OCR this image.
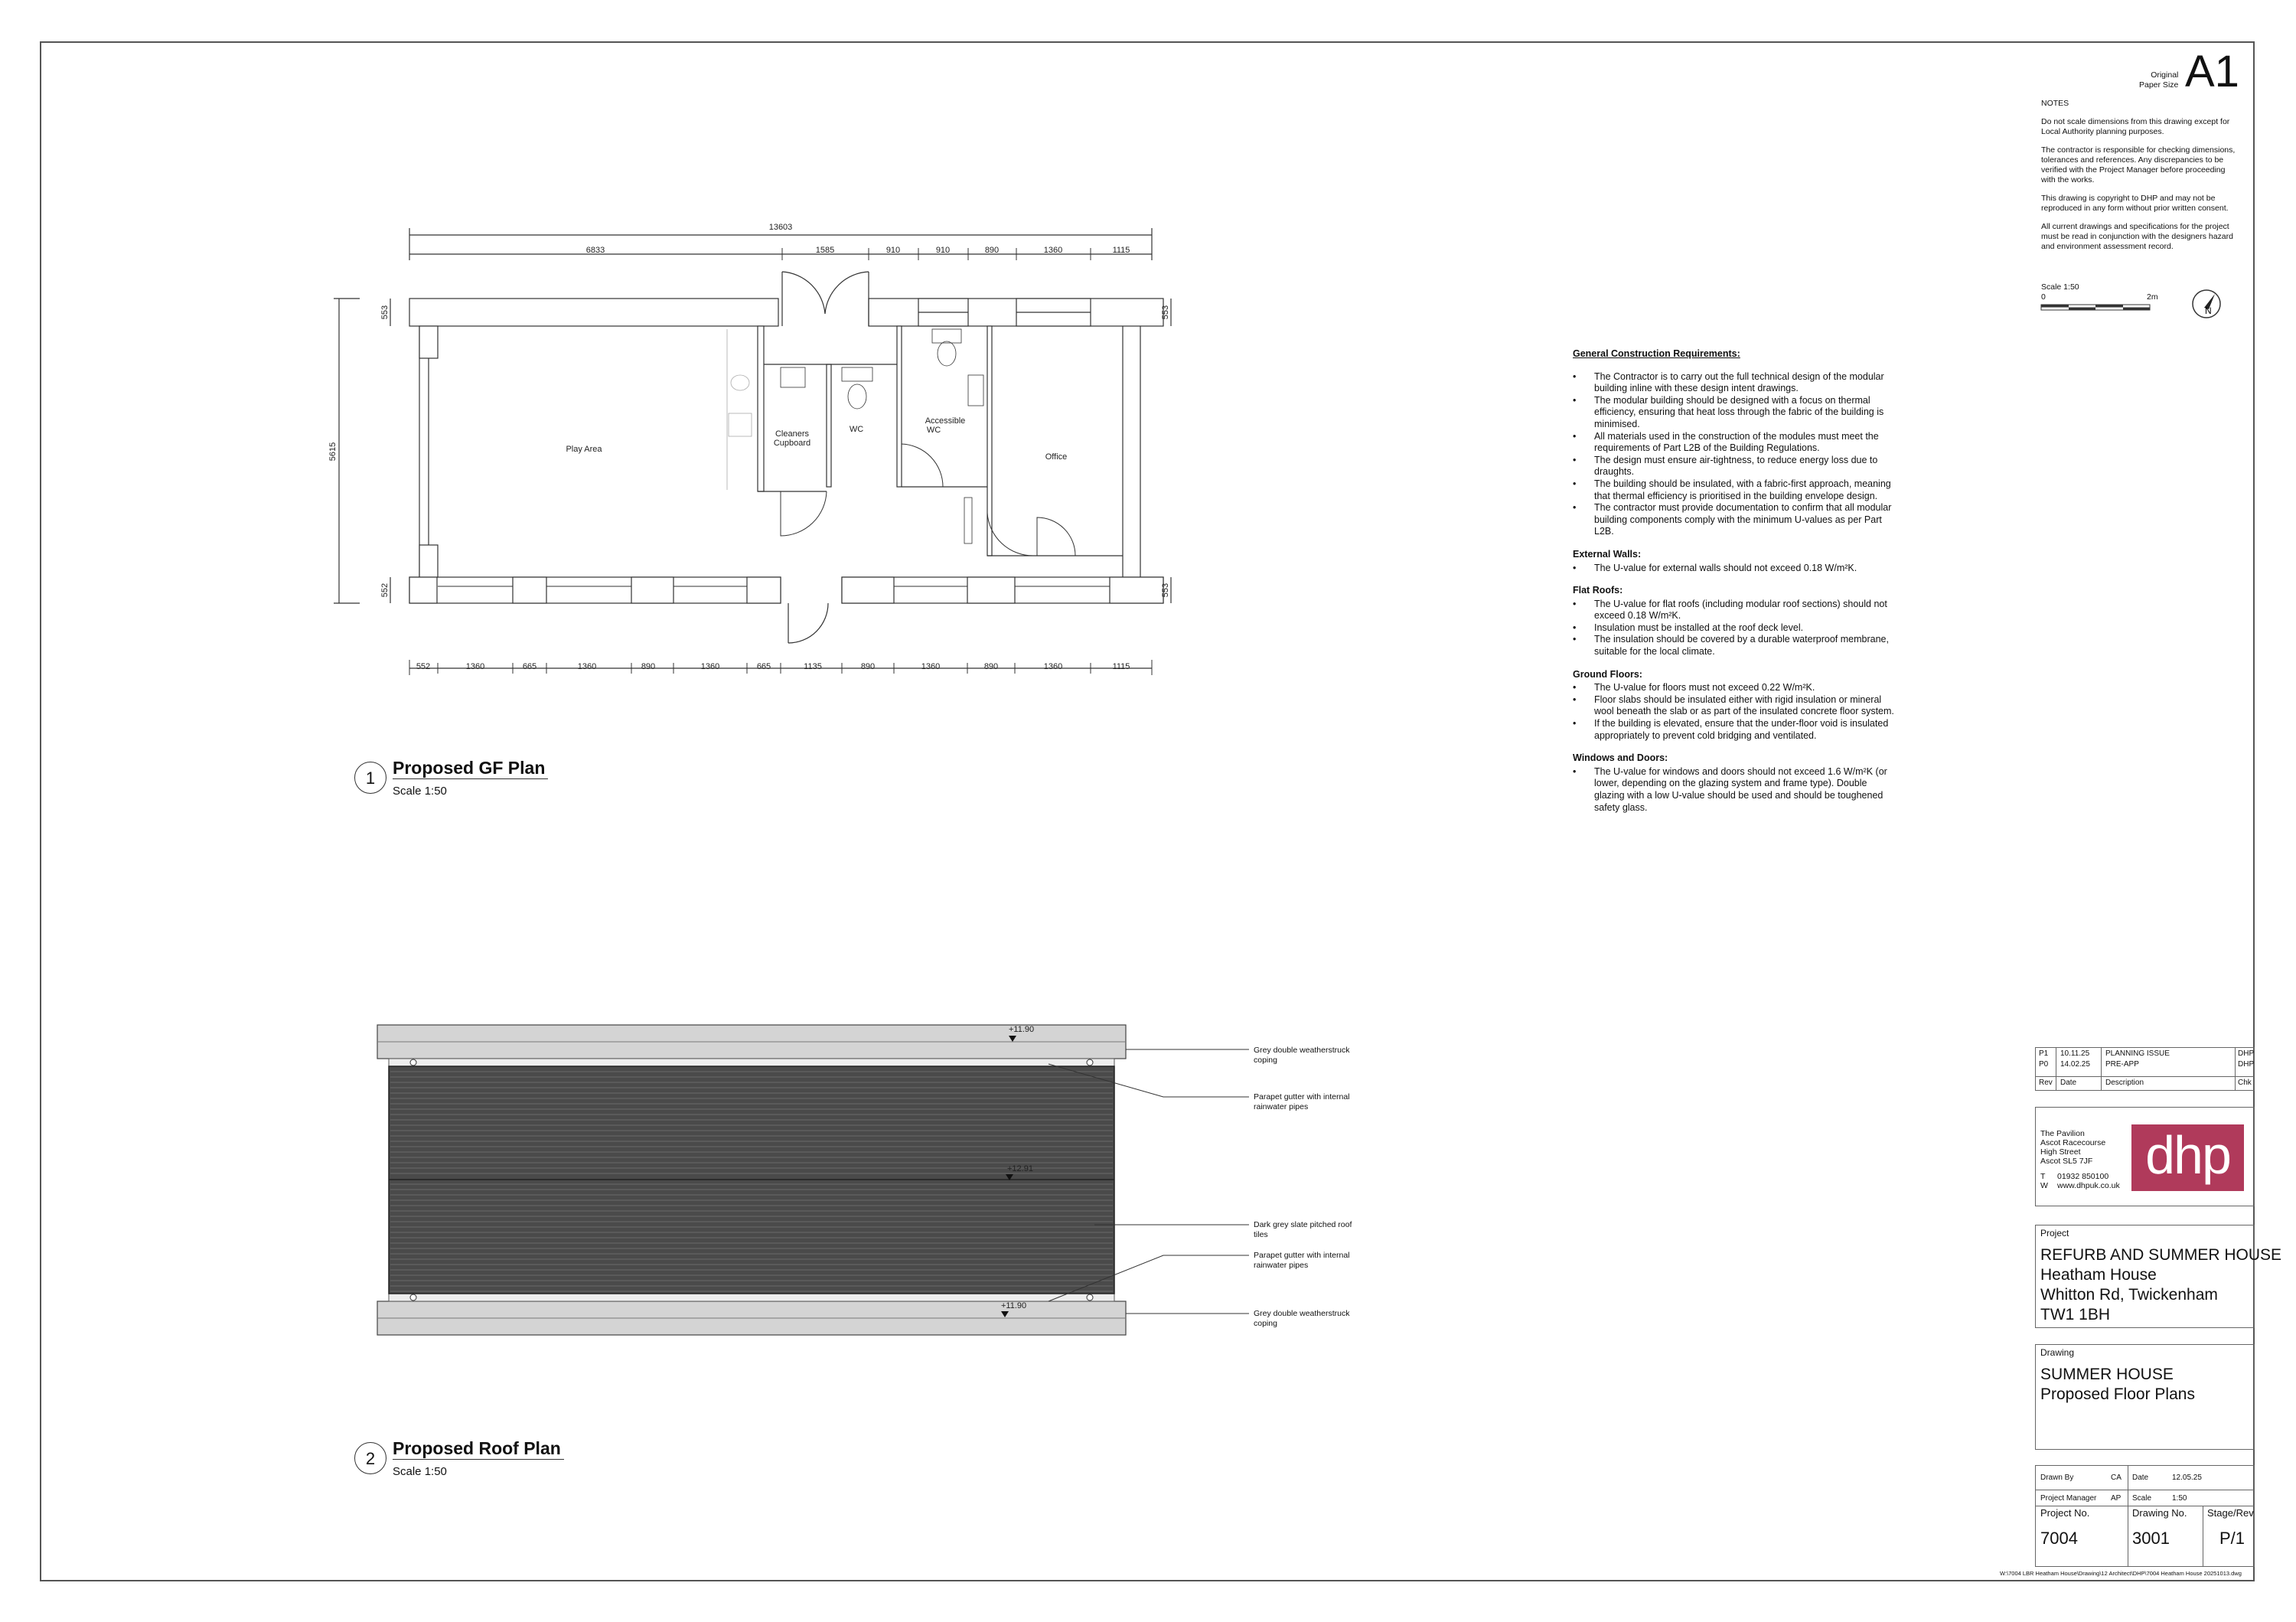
13603
6833	1585	910	910	890	1360	1115
552	1360	665	1360	890	1360	665	1135	890	1360	890	1360	1115
5615
553
552
553
553
Play Area
Cleaners
Cupboard
WC
Accessible
WC
Office
+11.90
+12.91
+11.90
Grey double weatherstruck coping
Parapet gutter with internal rainwater pipes
Dark grey slate pitched roof tiles
Parapet gutter with internal rainwater pipes
Grey double weatherstruck coping
1
Proposed GF Plan
Scale 1:50
2
Proposed Roof Plan
Scale 1:50
General Construction Requirements:
• The Contractor is to carry out the full technical design of the modular building inline with these design intent drawings.
• The modular building should be designed with a focus on thermal efficiency, ensuring that heat loss through the fabric of the building is minimised.
• All materials used in the construction of the modules must meet the requirements of Part L2B of the Building Regulations.
• The design must ensure air-tightness, to reduce energy loss due to draughts.
• The building should be insulated, with a fabric-first approach, meaning that thermal efficiency is prioritised in the building envelope design.
• The contractor must provide documentation to confirm that all modular building components comply with the minimum U-values as per Part L2B.
External Walls:
• The U-value for external walls should not exceed 0.18 W/m²K.
Flat Roofs:
• The U-value for flat roofs (including modular roof sections) should not exceed 0.18 W/m²K.
• Insulation must be installed at the roof deck level.
• The insulation should be covered by a durable waterproof membrane, suitable for the local climate.
Ground Floors:
• The U-value for floors must not exceed 0.22 W/m²K.
• Floor slabs should be insulated either with rigid insulation or mineral wool beneath the slab or as part of the insulated concrete floor system.
• If the building is elevated, ensure that the under-floor void is insulated appropriately to prevent cold bridging and ventilated.
Windows and Doors:
• The U-value for windows and doors should not exceed 1.6 W/m²K (or lower, depending on the glazing system and frame type). Double glazing with a low U-value should be used and should be toughened safety glass.
Original
Paper Size A1

NOTES

Do not scale dimensions from this drawing except for Local Authority planning purposes.

The contractor is responsible for checking dimensions, tolerances and references. Any discrepancies to be verified with the Project Manager before proceeding with the works.

This drawing is copyright to DHP and may not be reproduced in any form without prior written consent.

All current drawings and specifications for the project must be read in conjunction with the designers hazard and environment assessment record.

Scale 1:50
0	2m
N
P1 10.11.25 PLANNING ISSUE	DHP
P0 14.02.25 PRE-APP	DHP
Rev Date	Description	Chk
The Pavilion
Ascot Racecourse
High Street
Ascot SL5 7JF
T 01932 850100
W www.dhpuk.co.uk
dhp
Project
REFURB AND SUMMER HOUSE
Heatham House
Whitton Rd, Twickenham
TW1 1BH
Drawing
SUMMER HOUSE
Proposed Floor Plans
Drawn By	CA Date	12.05.25
Project Manager AP Scale	1:50
Project No.
7004
Drawing No.
3001
Stage/Rev
P/1
W:\7004 LBR Heatham House\Drawing\12 Architect\DHP\7004 Heatham House 20251013.dwg
